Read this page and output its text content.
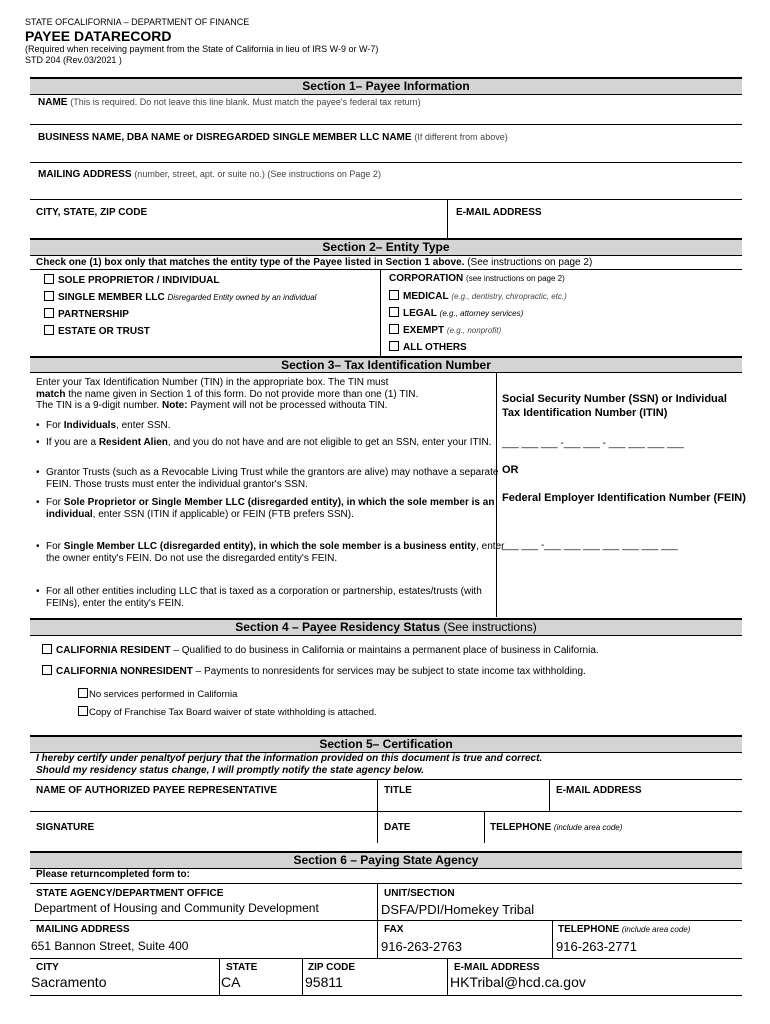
STATE OFCALIFORNIA – DEPARTMENT OF FINANCE
PAYEE DATARECORD
(Required when receiving payment from the State of California in lieu of IRS W-9 or W-7)
STD 204 (Rev.03/2021 )
Section 1– Payee Information
NAME (This is required. Do not leave this line blank. Must match the payee's federal tax return)
BUSINESS NAME, DBA NAME or DISREGARDED SINGLE MEMBER LLC NAME (If different from above)
MAILING ADDRESS (number, street, apt. or suite no.) (See instructions on Page 2)
CITY, STATE, ZIP CODE	E-MAIL ADDRESS
Section 2– Entity Type
Check one (1) box only that matches the entity type of the Payee listed in Section 1 above. (See instructions on page 2)
SOLE PROPRIETOR / INDIVIDUAL
SINGLE MEMBER LLC Disregarded Entity owned by an individual
PARTNERSHIP
ESTATE OR TRUST
CORPORATION (see instructions on page 2)
MEDICAL (e.g., dentistry, chiropractic, etc.)
LEGAL (e.g., attorney services)
EXEMPT (e.g., nonprofit)
ALL OTHERS
Section 3– Tax Identification Number
Enter your Tax Identification Number (TIN) in the appropriate box. The TIN must
match the name given in Section 1 of this form. Do not provide more than one (1) TIN.
The TIN is a 9-digit number. Note: Payment will not be processed withouta TIN.
• For Individuals, enter SSN.
• If you are a Resident Alien, and you do not have and are not eligible to get an SSN, enter your ITIN.
• Grantor Trusts (such as a Revocable Living Trust while the grantors are alive) may nothave a separate FEIN. Those trusts must enter the individual grantor's SSN.
• For Sole Proprietor or Single Member LLC (disregarded entity), in which the sole member is an individual, enter SSN (ITIN if applicable) or FEIN (FTB prefers SSN).
• For Single Member LLC (disregarded entity), in which the sole member is a business entity, enter the owner entity's FEIN. Do not use the disregarded entity's FEIN.
• For all other entities including LLC that is taxed as a corporation or partnership, estates/trusts (with FEINs), enter the entity's FEIN.
Social Security Number (SSN) or Individual Tax Identification Number (ITIN)
___ ___ ___ -___ ___ - ___ ___ ___ ___
OR
Federal Employer Identification Number (FEIN)
___ ___ -___ ___ ___ ___ ___ ___ ___
Section 4 – Payee Residency Status (See instructions)
CALIFORNIA RESIDENT – Qualified to do business in California or maintains a permanent place of business in California.
CALIFORNIA NONRESIDENT – Payments to nonresidents for services may be subject to state income tax withholding.
No services performed in California
Copy of Franchise Tax Board waiver of state withholding is attached.
Section 5– Certification
I hereby certify under penaltyof perjury that the information provided on this document is true and correct.
Should my residency status change, I will promptly notify the state agency below.
NAME OF AUTHORIZED PAYEE REPRESENTATIVE	TITLE	E-MAIL ADDRESS
SIGNATURE	DATE	TELEPHONE (include area code)
Section 6 – Paying State Agency
Please returncompleted form to:
STATE AGENCY/DEPARTMENT OFFICE
Department of Housing and Community Development
UNIT/SECTION
DSFA/PDI/Homekey Tribal
MAILING ADDRESS
651 Bannon Street, Suite 400
FAX
916-263-2763
TELEPHONE (include area code)
916-263-2771
CITY
Sacramento
STATE
CA
ZIP CODE
95811
E-MAIL ADDRESS
HKTribal@hcd.ca.gov
